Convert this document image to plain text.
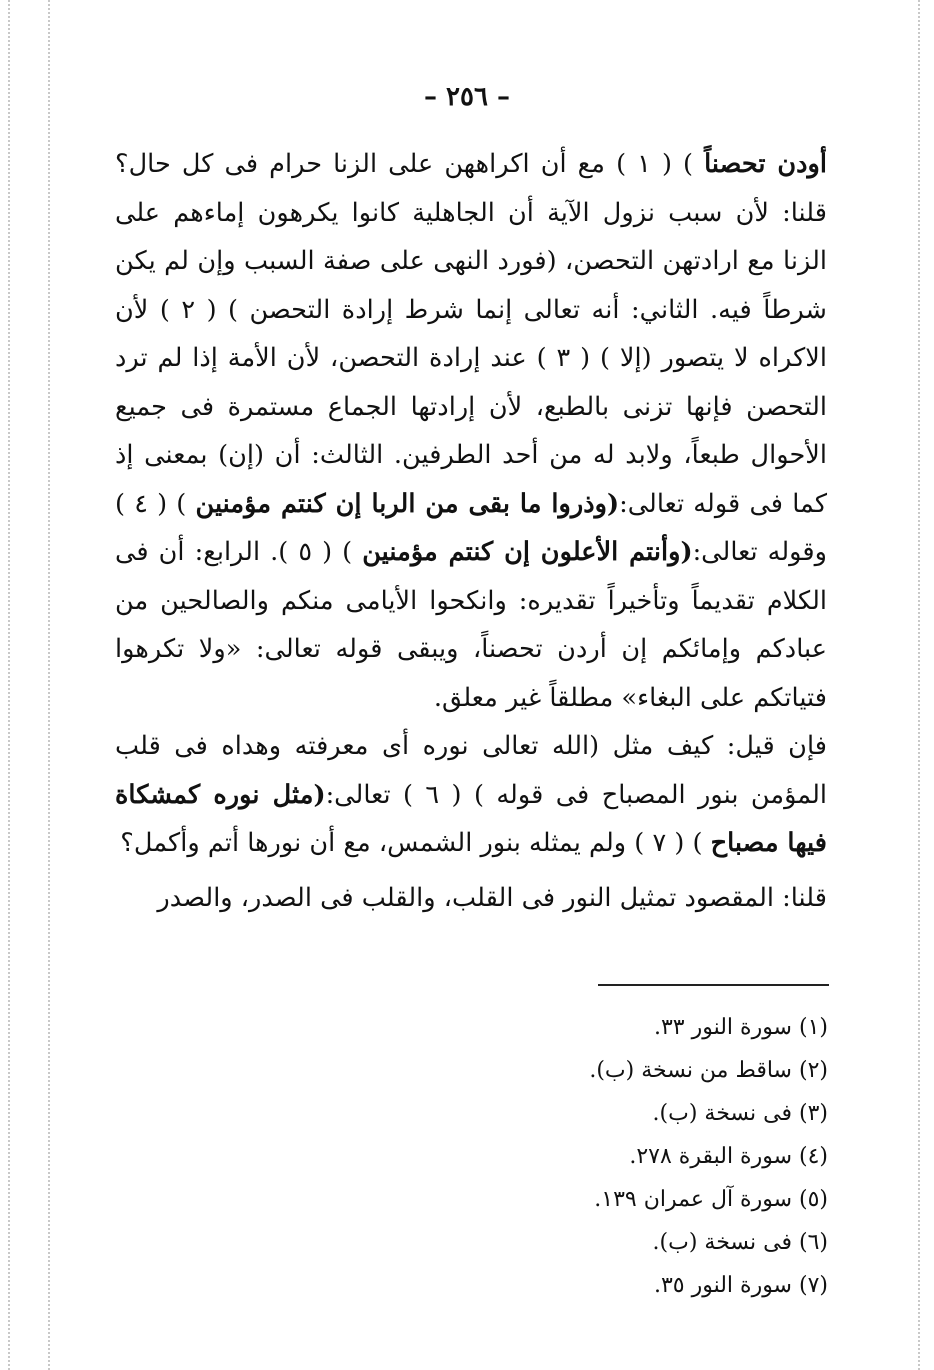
– ٢٥٦ –

أودن تحصناً ) ( ١ ) مع أن اكراههن على الزنا حرام فى كل حال؟ قلنا: لأن سبب نزول الآية أن الجاهلية كانوا يكرهون إماءهم على الزنا مع ارادتهن التحصن، (فورد النهى على صفة السبب وإن لم يكن شرطاً فيه. الثاني: أنه تعالى إنما شرط إرادة التحصن ) ( ٢ ) لأن الاكراه لا يتصور (إلا ) ( ٣ ) عند إرادة التحصن، لأن الأمة إذا لم ترد التحصن فإنها تزنى بالطبع، لأن إرادتها الجماع مستمرة فى جميع الأحوال طبعاً، ولابد له من أحد الطرفين. الثالث: أن (إن) بمعنى إذ كما فى قوله تعالى:(وذروا ما بقى من الربا إن كنتم مؤمنين ) ( ٤ ) وقوله تعالى:(وأنتم الأعلون إن كنتم مؤمنين ) ( ٥ ). الرابع: أن فى الكلام تقديماً وتأخيراً تقديره: وانكحوا الأيامى منكم والصالحين من عبادكم وإمائكم إن أردن تحصناً، ويبقى قوله تعالى: «ولا تكرهوا فتياتكم على البغاء» مطلقاً غير معلق.

فإن قيل: كيف مثل (الله تعالى نوره أى معرفته وهداه فى قلب المؤمن بنور المصباح فى قوله ) ( ٦ ) تعالى:(مثل نوره كمشكاة فيها مصباح ) ( ٧ ) ولم يمثله بنور الشمس، مع أن نورها أتم وأكمل؟

قلنا: المقصود تمثيل النور فى القلب، والقلب فى الصدر، والصدر

(١) سورة النور ٣٣.
(٢) ساقط من نسخة (ب).
(٣) فى نسخة (ب).
(٤) سورة البقرة ٢٧٨.
(٥) سورة آل عمران ١٣٩.
(٦) فى نسخة (ب).
(٧) سورة النور ٣٥.
